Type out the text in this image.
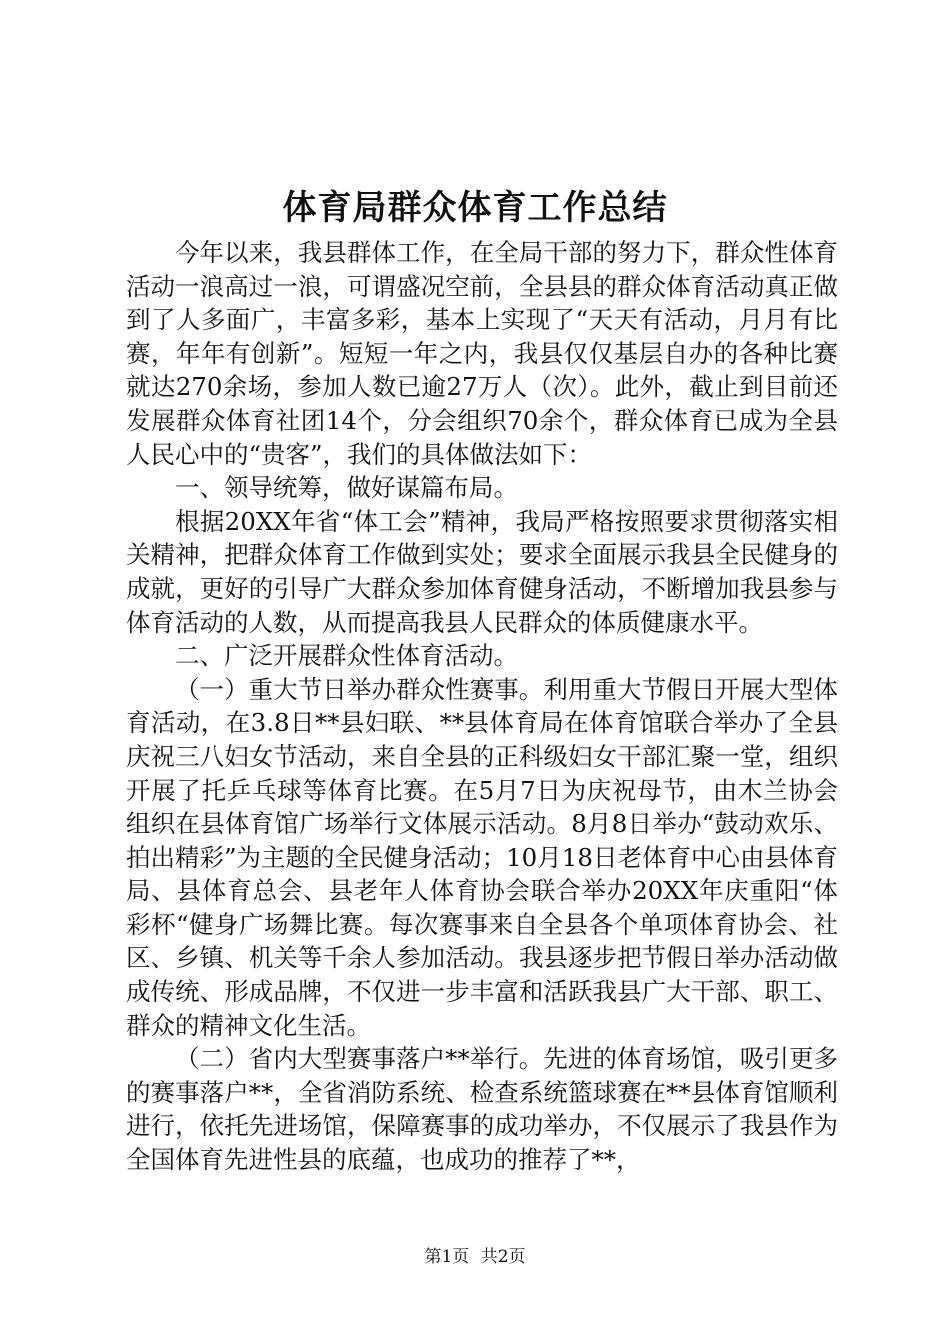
体育局群众体育工作总结

今年以来，我县群体工作，在全局干部的努力下，群众性体育活动一浪高过一浪，可谓盛况空前，全县县的群众体育活动真正做到了人多面广，丰富多彩，基本上实现了“天天有活动，月月有比赛，年年有创新”。短短一年之内，我县仅仅基层自办的各种比赛就达270余场，参加人数已逾27万人（次）。此外，截止到目前还发展群众体育社团14个，分会组织70余个，群众体育已成为全县人民心中的“贵客”，我们的具体做法如下：

一、领导统筹，做好谋篇布局。

根据20XX年省“体工会”精神，我局严格按照要求贯彻落实相关精神，把群众体育工作做到实处；要求全面展示我县全民健身的成就，更好的引导广大群众参加体育健身活动，不断增加我县参与体育活动的人数，从而提高我县人民群众的体质健康水平。

二、广泛开展群众性体育活动。

（一）重大节日举办群众性赛事。利用重大节假日开展大型体育活动，在3.8日**县妇联、**县体育局在体育馆联合举办了全县庆祝三八妇女节活动，来自全县的正科级妇女干部汇聚一堂，组织开展了托乒乓球等体育比赛。在5月7日为庆祝母节，由木兰协会组织在县体育馆广场举行文体展示活动。8月8日举办“鼓动欢乐、拍出精彩”为主题的全民健身活动；10月18日老体育中心由县体育局、县体育总会、县老年人体育协会联合举办20XX年庆重阳“体彩杯“健身广场舞比赛。每次赛事来自全县各个单项体育协会、社区、乡镇、机关等千余人参加活动。我县逐步把节假日举办活动做成传统、形成品牌，不仅进一步丰富和活跃我县广大干部、职工、群众的精神文化生活。

（二）省内大型赛事落户**举行。先进的体育场馆，吸引更多的赛事落户**，全省消防系统、检查系统篮球赛在**县体育馆顺利进行，依托先进场馆，保障赛事的成功举办，不仅展示了我县作为全国体育先进性县的底蕴，也成功的推荐了**，

第1页 共2页
